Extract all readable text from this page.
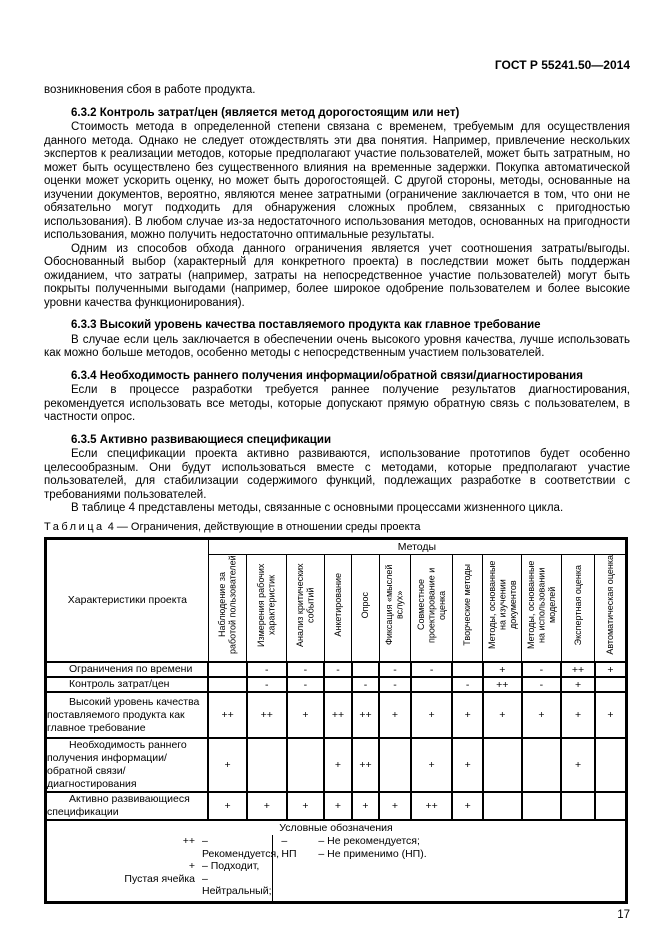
ГОСТ Р 55241.50—2014

возникновения сбоя в работе продукта.

6.3.2 Контроль затрат/цен (является метод дорогостоящим или нет)

Стоимость метода в определенной степени связана с временем, требуемым для осуществления данного метода. Однако не следует отождествлять эти два понятия. Например, привлечение нескольких экспертов к реализации методов, которые предполагают участие пользователей, может быть затратным, но может быть осуществлено без существенного влияния на временные задержки. Покупка автоматической оценки может ускорить оценку, но может быть дорогостоящей. С другой стороны, методы, основанные на изучении документов, вероятно, являются менее затратными (ограничение заключается в том, что они не обязательно могут подходить для обнаружения сложных проблем, связанных с пригодностью использования). В любом случае из-за недостаточного использования методов, основанных на пригодности использования, можно получить недостаточно оптимальные результаты.

Одним из способов обхода данного ограничения является учет соотношения затраты/выгоды. Обоснованный выбор (характерный для конкретного проекта) в последствии может быть поддержан ожиданием, что затраты (например, затраты на непосредственное участие пользователей) могут быть покрыты полученными выгодами (например, более широкое одобрение пользователем и более высокие уровни качества функционирования).

6.3.3 Высокий уровень качества поставляемого продукта как главное требование

В случае если цель заключается в обеспечении очень высокого уровня качества, лучше использовать как можно больше методов, особенно методы с непосредственным участием пользователей.

6.3.4 Необходимость раннего получения информации/обратной связи/диагностирования

Если в процессе разработки требуется раннее получение результатов диагностирования, рекомендуется использовать все методы, которые допускают прямую обратную связь с пользователем, в частности опрос.

6.3.5 Активно развивающиеся спецификации

Если спецификации проекта активно развиваются, использование прототипов будет особенно целесообразным. Они будут использоваться вместе с методами, которые предполагают участие пользователей, для стабилизации содержимого функций, подлежащих разработке в соответствии с требованиями пользователей.

В таблице 4 представлены методы, связанные с основными процессами жизненного цикла.

Таблица 4 — Ограничения, действующие в отношении среды проекта
Характеристики проекта	Методы											
	Наблюдение за работой пользователей	Измерения рабочих характеристик	Анализ критических событий	Анкетирование	Опрос	Фиксация «мыслей вслух»	Совместное проектирование и оценка	Творческие методы	Методы, основанные на изучении документов	Методы, основанные на использовании моделей	Экспертная оценка	Автоматическая оценка
Ограничения по времени		-	-	-		-	-		+	-	++	+
Контроль затрат/цен		-	-		-	-		-	++	-	+	
Высокий уровень качества поставляемого продукта как главное требование	++	++	+	++	++	+	+	+	+	+	+	+
Необходимость раннего получения информации/обратной связи/диагностирования	+			+	++		+	+			+	
Активно развивающиеся спецификации	+	+	+	+	+	+	++	+				

Условные обозначения
++ – Рекомендуется,
+ – Подходит,
Пустая ячейка – Нейтральный;
–	– Не рекомендуется;
НП	– Не применимо (НП).
17
